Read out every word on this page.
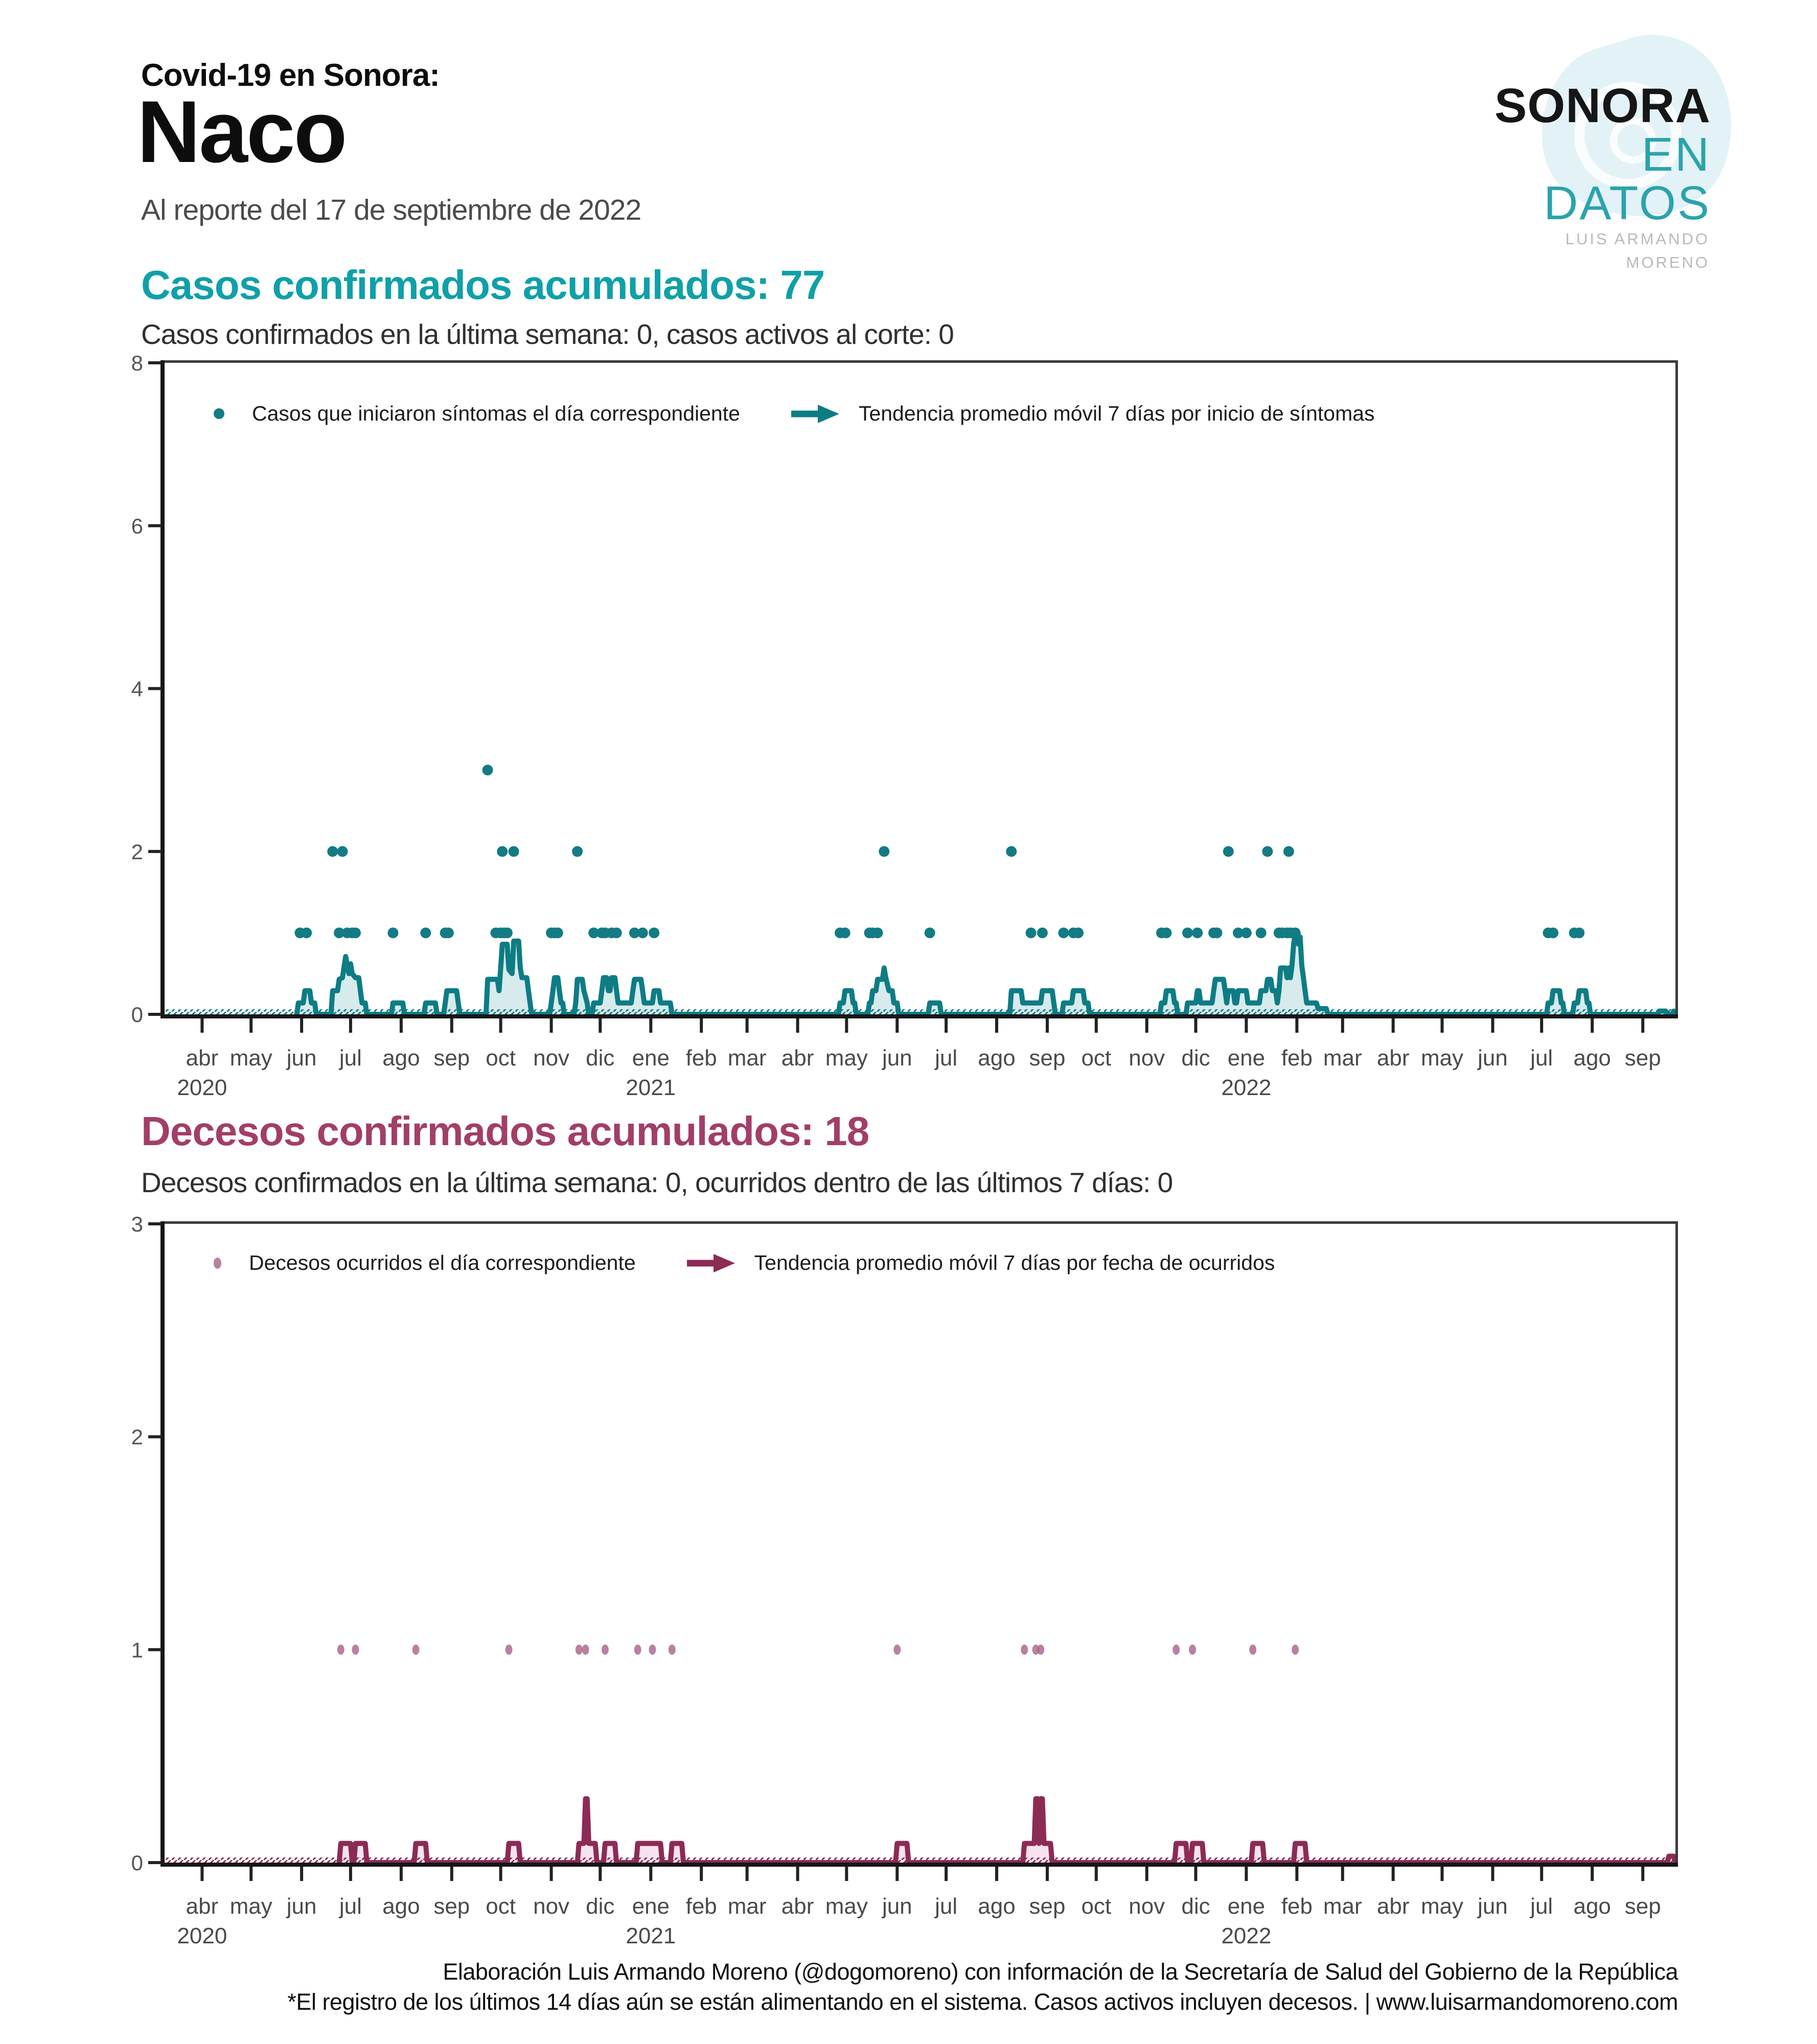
Covid-19 en Sonora:
Naco
Al reporte del 17 de septiembre de 2022
SONORA
EN DATOS
LUIS ARMANDO MORENO
Casos confirmados acumulados: 77
Casos confirmados en la última semana: 0, casos activos al corte: 0
0
2
4
6
8
abr
2020
may jun jul ago sep oct nov dic ene
2021
feb mar abr may jun jul ago sep oct nov dic ene
2022
feb mar abr may jun jul ago sep
Casos que iniciaron síntomas el día correspondiente	Tendencia promedio móvil 7 días por inicio de síntomas
Decesos confirmados acumulados: 18
Decesos confirmados en la última semana: 0, ocurridos dentro de las últimos 7 días: 0
0
1
2
3
abr
2020
may jun jul ago sep oct nov dic ene
2021
feb mar abr may jun jul ago sep oct nov dic ene
2022
feb mar abr may jun jul ago sep
Decesos ocurridos el día correspondiente	Tendencia promedio móvil 7 días por fecha de ocurridos
Elaboración Luis Armando Moreno (@dogomoreno) con información de la Secretaría de Salud del Gobierno de la República
*El registro de los últimos 14 días aún se están alimentando en el sistema. Casos activos incluyen decesos. | www.luisarmandomoreno.com
